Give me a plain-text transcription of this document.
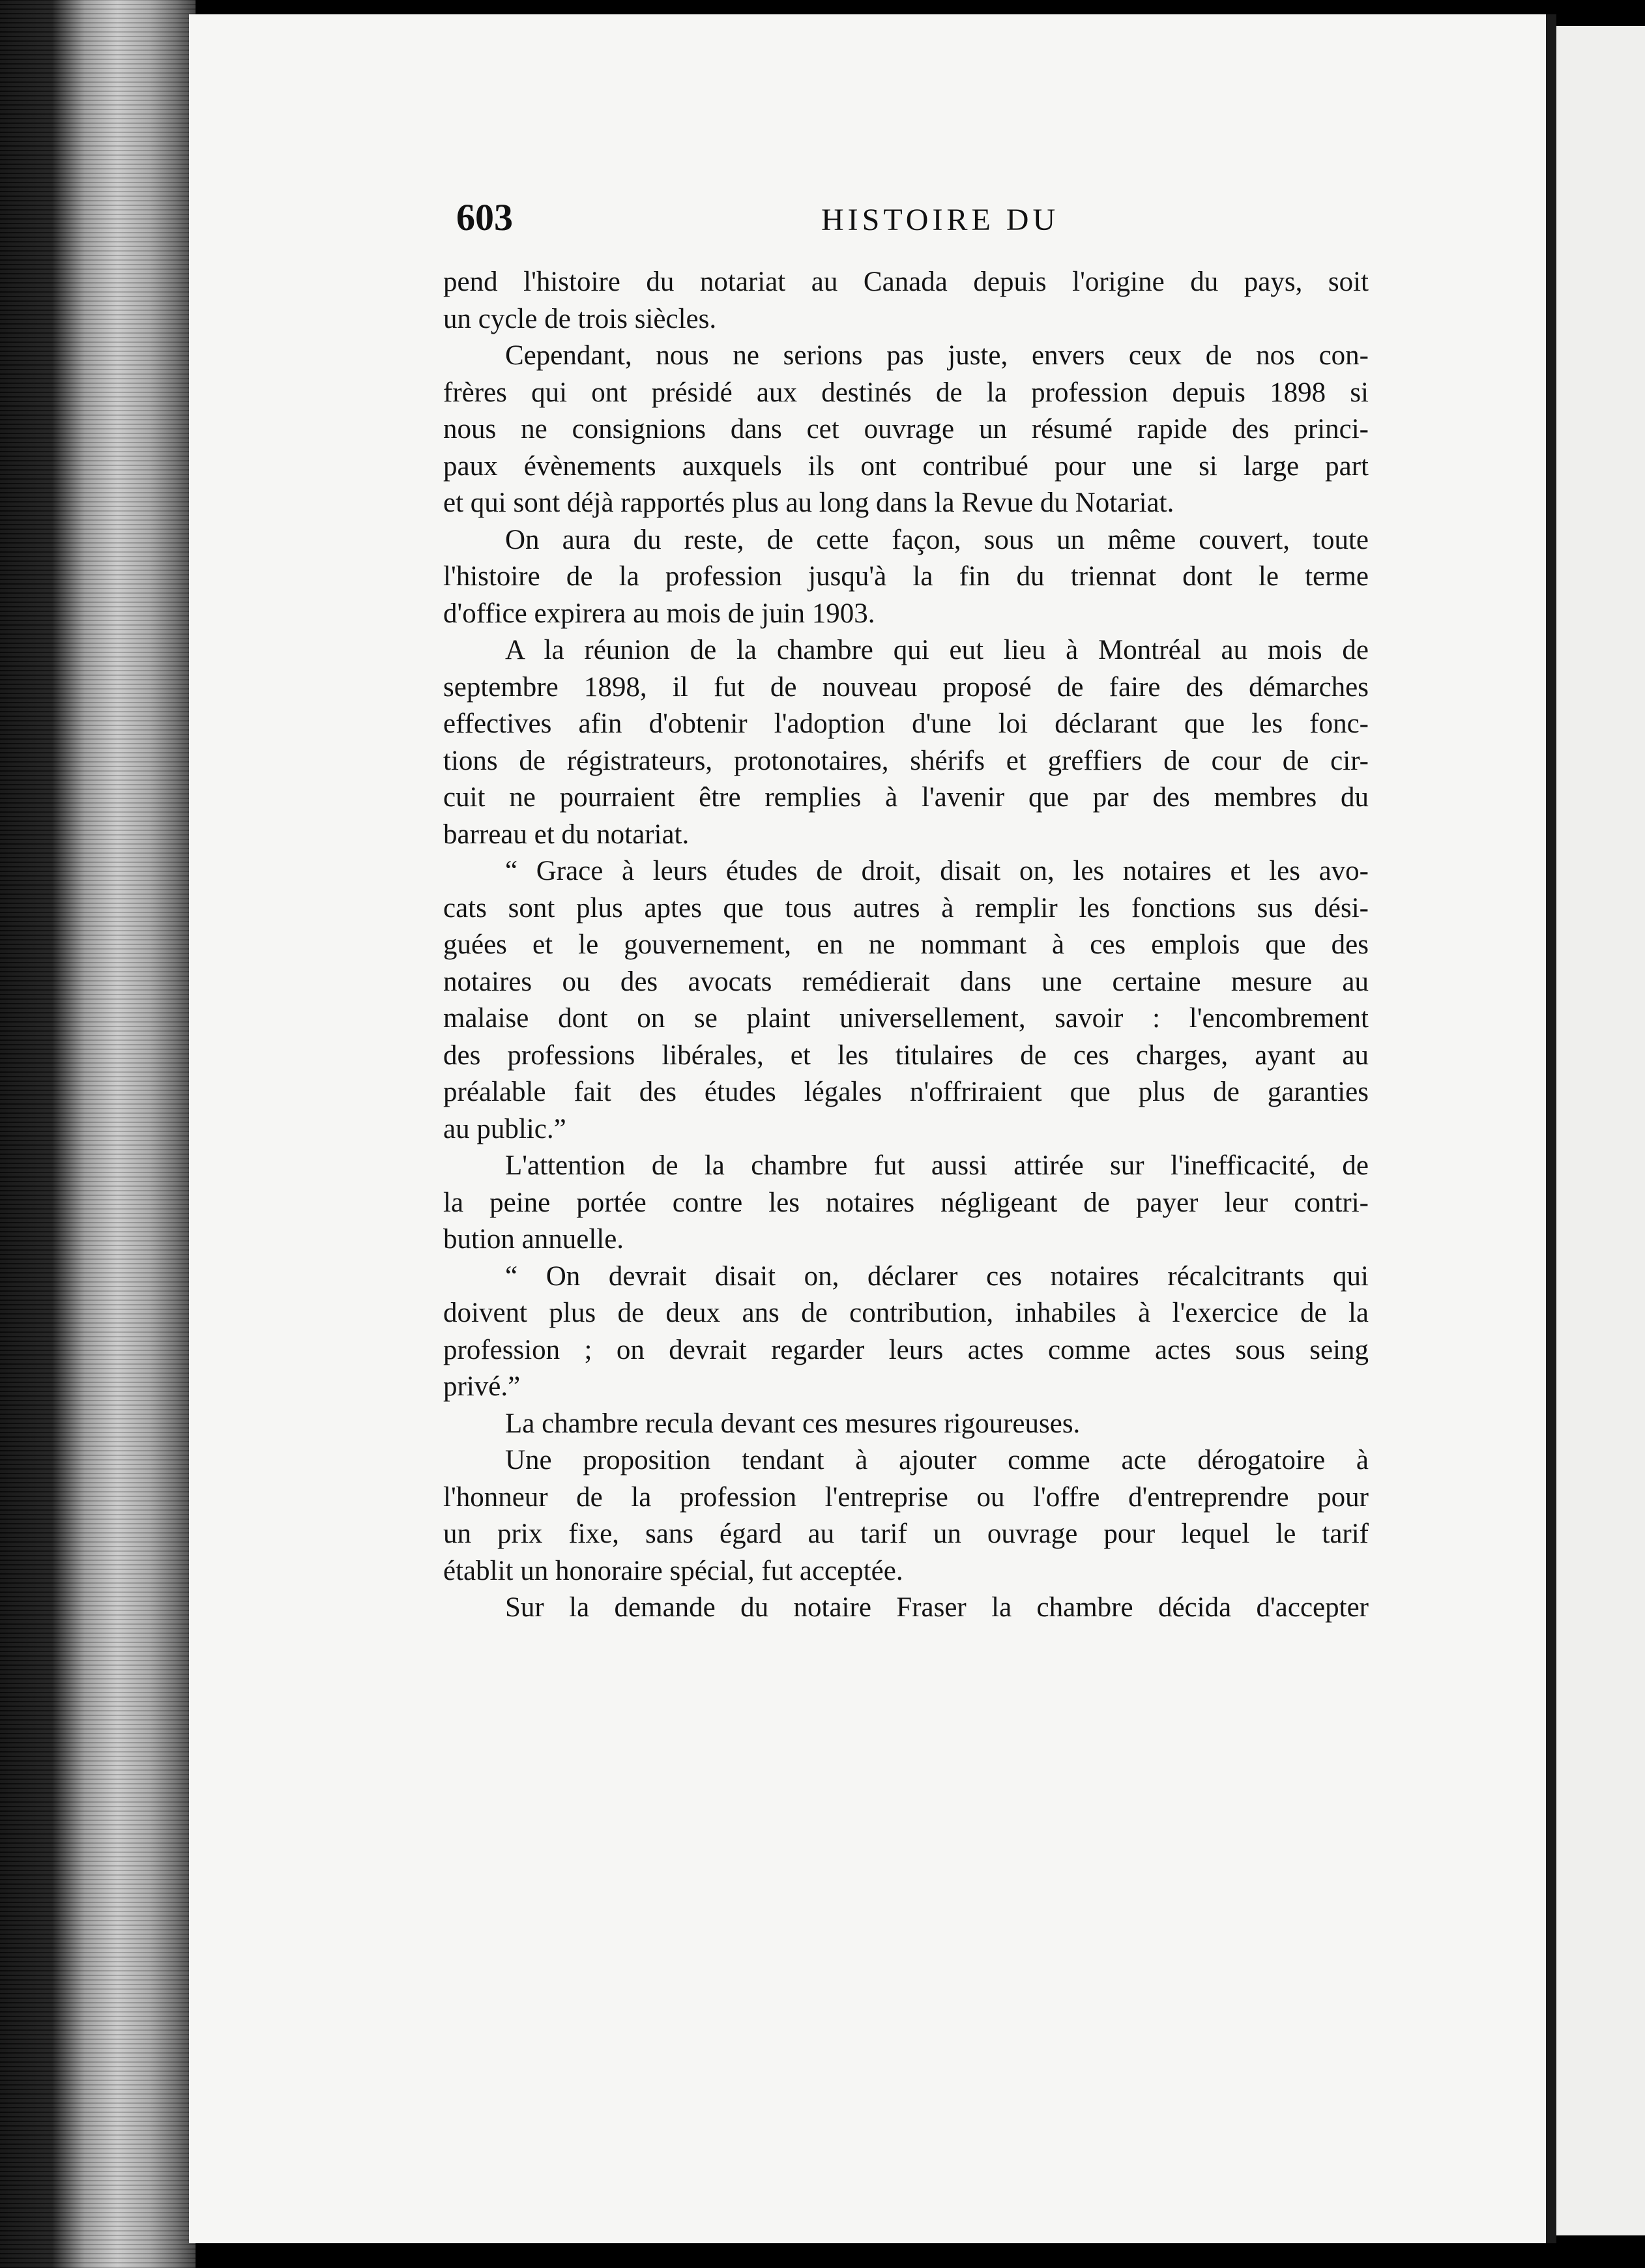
603	HISTOIRE DU

pend l'histoire du notariat au Canada depuis l'origine du pays, soit
un cycle de trois siècles.

Cependant, nous ne serions pas juste, envers ceux de nos con-
frères qui ont présidé aux destinés de la profession depuis 1898 si
nous ne consignions dans cet ouvrage un résumé rapide des princi-
paux évènements auxquels ils ont contribué pour une si large part
et qui sont déjà rapportés plus au long dans la Revue du Notariat.

On aura du reste, de cette façon, sous un même couvert, toute
l'histoire de la profession jusqu'à la fin du triennat dont le terme
d'office expirera au mois de juin 1903.

A la réunion de la chambre qui eut lieu à Montréal au mois de
septembre 1898, il fut de nouveau proposé de faire des démarches
effectives afin d'obtenir l'adoption d'une loi déclarant que les fonc-
tions de régistrateurs, protonotaires, shérifs et greffiers de cour de cir-
cuit ne pourraient être remplies à l'avenir que par des membres du
barreau et du notariat.

“ Grace à leurs études de droit, disait on, les notaires et les avo-
cats sont plus aptes que tous autres à remplir les fonctions sus dési-
guées et le gouvernement, en ne nommant à ces emplois que des
notaires ou des avocats remédierait dans une certaine mesure au
malaise dont on se plaint universellement, savoir : l'encombrement
des professions libérales, et les titulaires de ces charges, ayant au
préalable fait des études légales n'offriraient que plus de garanties
au public.”

L'attention de la chambre fut aussi attirée sur l'inefficacité, de
la peine portée contre les notaires négligeant de payer leur contri-
bution annuelle.

“ On devrait disait on, déclarer ces notaires récalcitrants qui
doivent plus de deux ans de contribution, inhabiles à l'exercice de la
profession ; on devrait regarder leurs actes comme actes sous seing
privé.”

La chambre recula devant ces mesures rigoureuses.

Une proposition tendant à ajouter comme acte dérogatoire à
l'honneur de la profession l'entreprise ou l'offre d'entreprendre pour
un prix fixe, sans égard au tarif un ouvrage pour lequel le tarif
établit un honoraire spécial, fut acceptée.

Sur la demande du notaire Fraser la chambre décida d'accepter
